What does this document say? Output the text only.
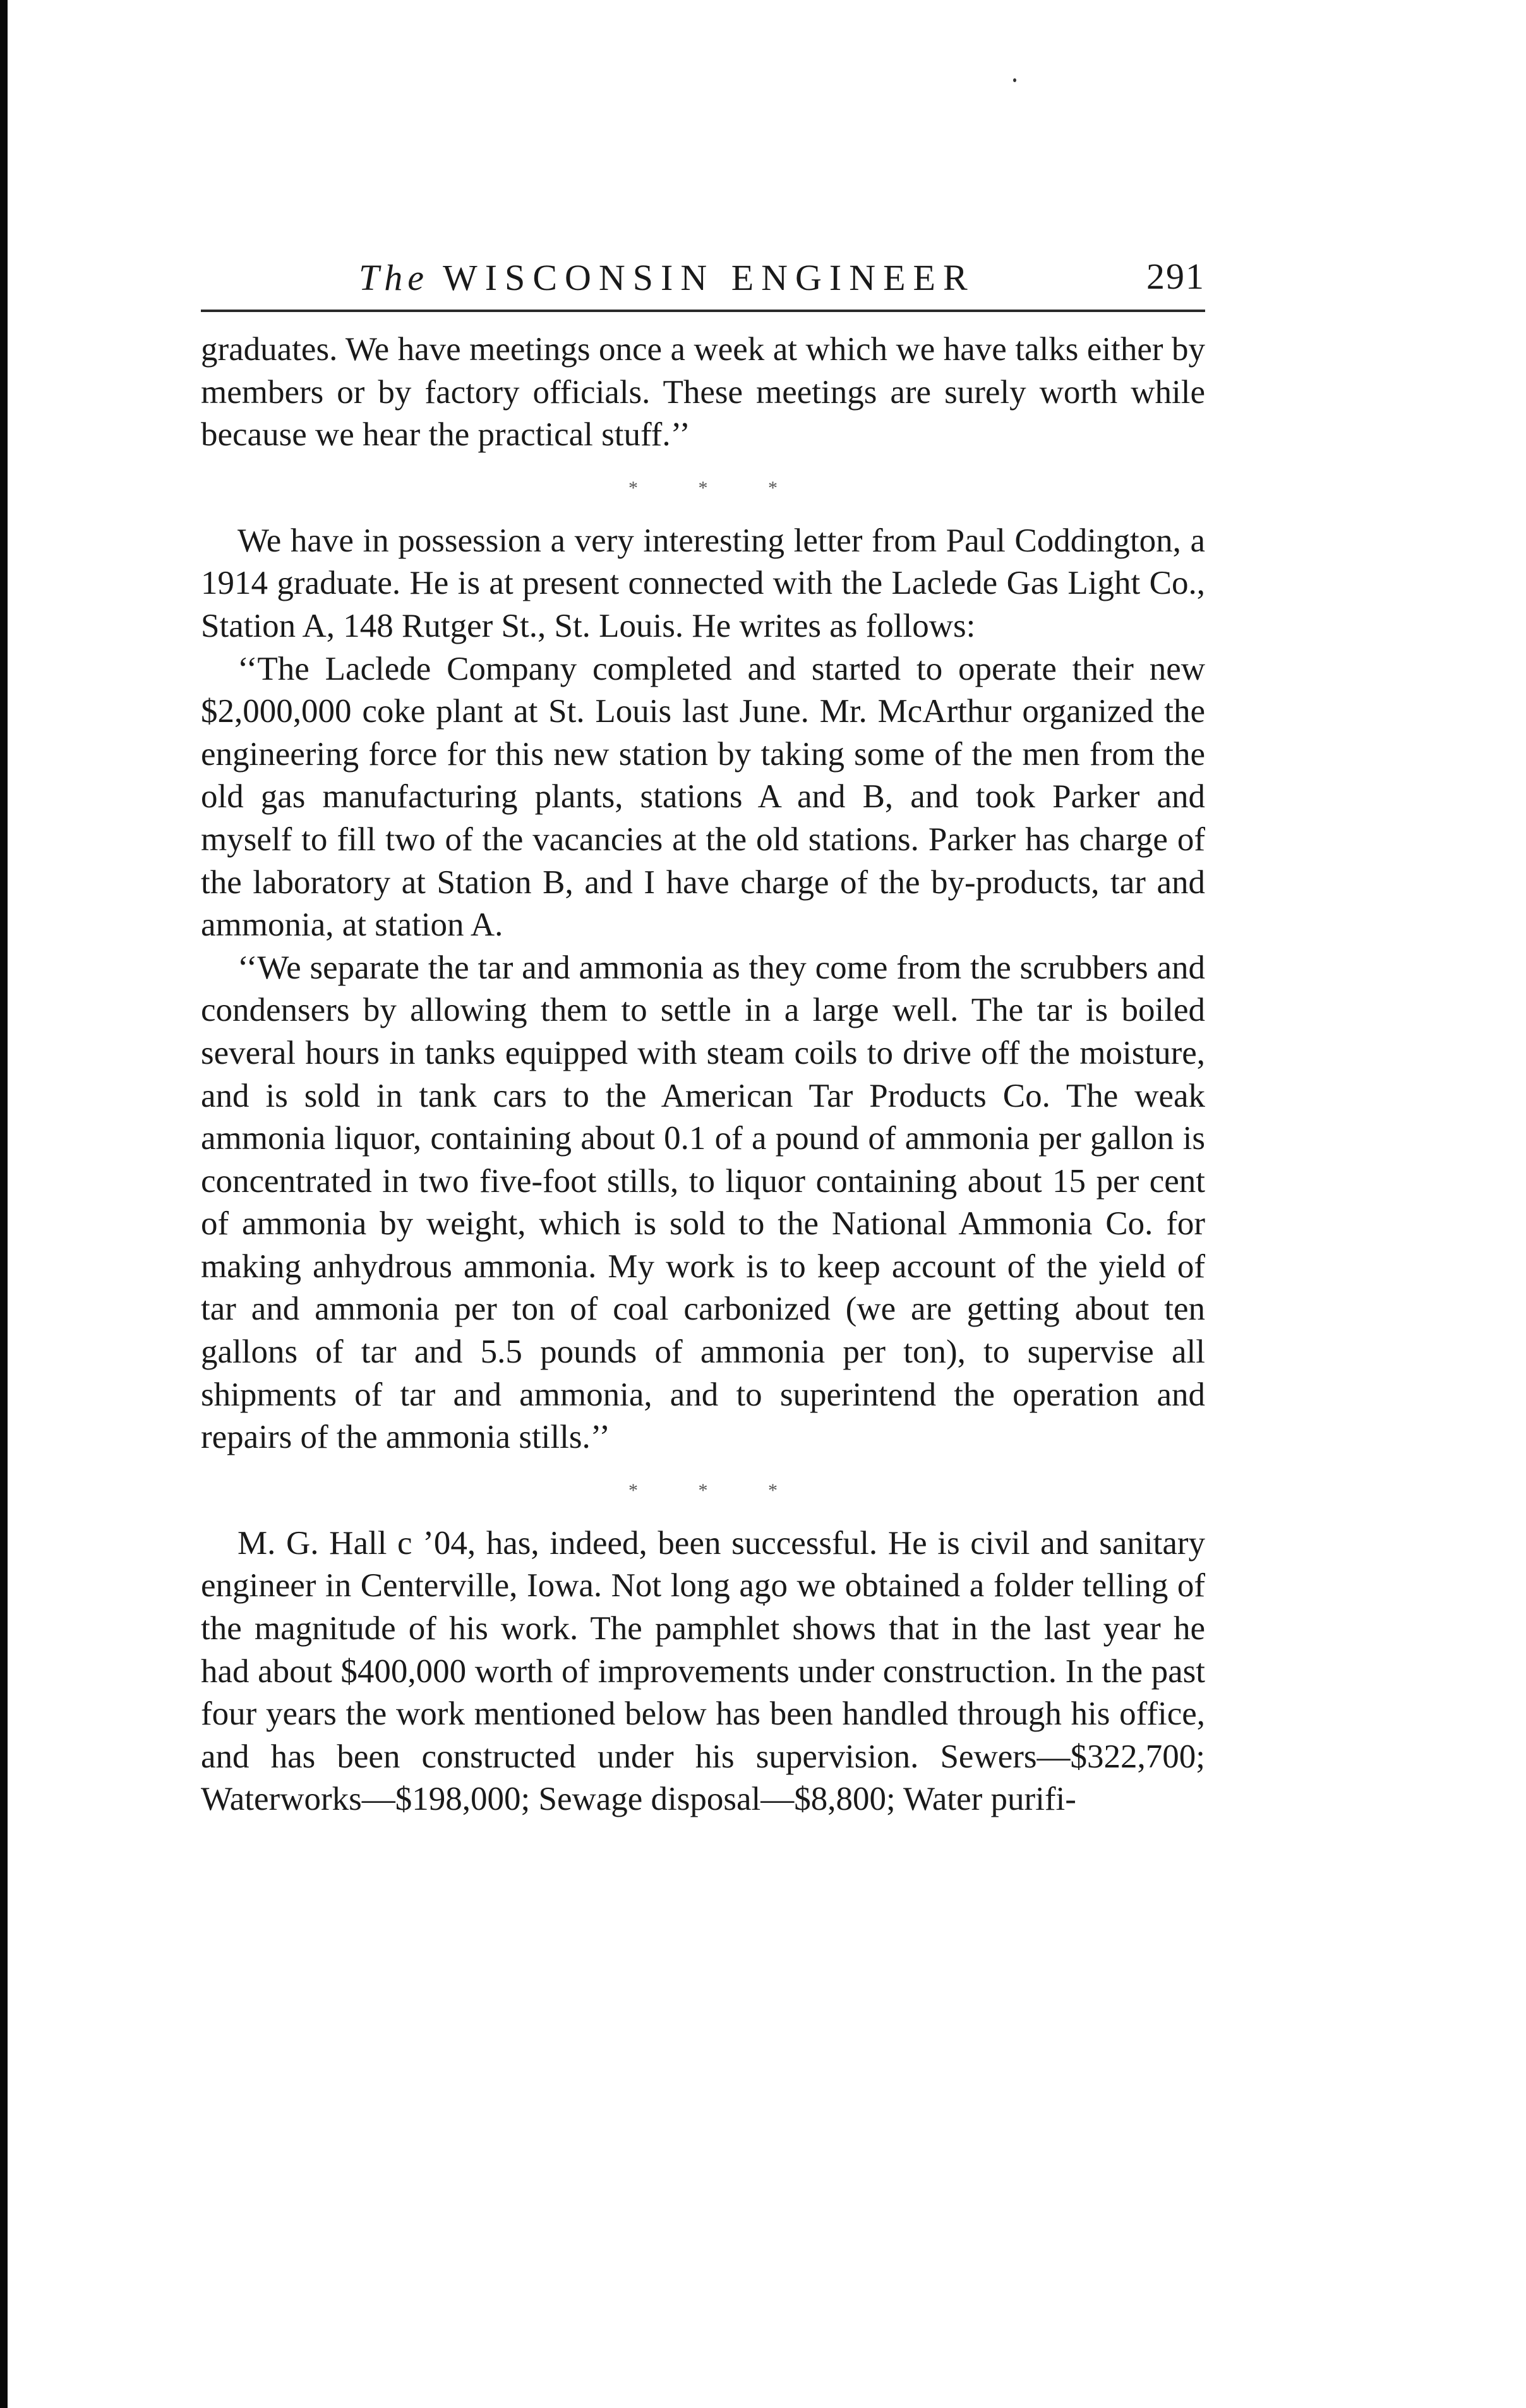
The WISCONSIN ENGINEER	291

graduates. We have meetings once a week at which we have talks either by members or by factory officials. These meetings are surely worth while because we hear the practical stuff.’’

* * *

We have in possession a very interesting letter from Paul Coddington, a 1914 graduate. He is at present connected with the Laclede Gas Light Co., Station A, 148 Rutger St., St. Louis. He writes as follows:

‘‘The Laclede Company completed and started to operate their new $2,000,000 coke plant at St. Louis last June. Mr. McArthur organized the engineering force for this new station by taking some of the men from the old gas manufacturing plants, stations A and B, and took Parker and myself to fill two of the vacancies at the old stations. Parker has charge of the laboratory at Station B, and I have charge of the by-products, tar and ammonia, at station A.

‘‘We separate the tar and ammonia as they come from the scrubbers and condensers by allowing them to settle in a large well. The tar is boiled several hours in tanks equipped with steam coils to drive off the moisture, and is sold in tank cars to the American Tar Products Co. The weak ammonia liquor, containing about 0.1 of a pound of ammonia per gallon is concentrated in two five-foot stills, to liquor containing about 15 per cent of ammonia by weight, which is sold to the National Ammonia Co. for making anhydrous ammonia. My work is to keep account of the yield of tar and ammonia per ton of coal carbonized (we are getting about ten gallons of tar and 5.5 pounds of ammonia per ton), to supervise all shipments of tar and ammonia, and to superintend the operation and repairs of the ammonia stills.’’

* * *

M. G. Hall c ’04, has, indeed, been successful. He is civil and sanitary engineer in Centerville, Iowa. Not long ago we obtained a folder telling of the magnitude of his work. The pamphlet shows that in the last year he had about $400,000 worth of improvements under construction. In the past four years the work mentioned below has been handled through his office, and has been constructed under his supervision. Sewers—$322,700; Waterworks—$198,000; Sewage disposal—$8,800; Water purifi-
